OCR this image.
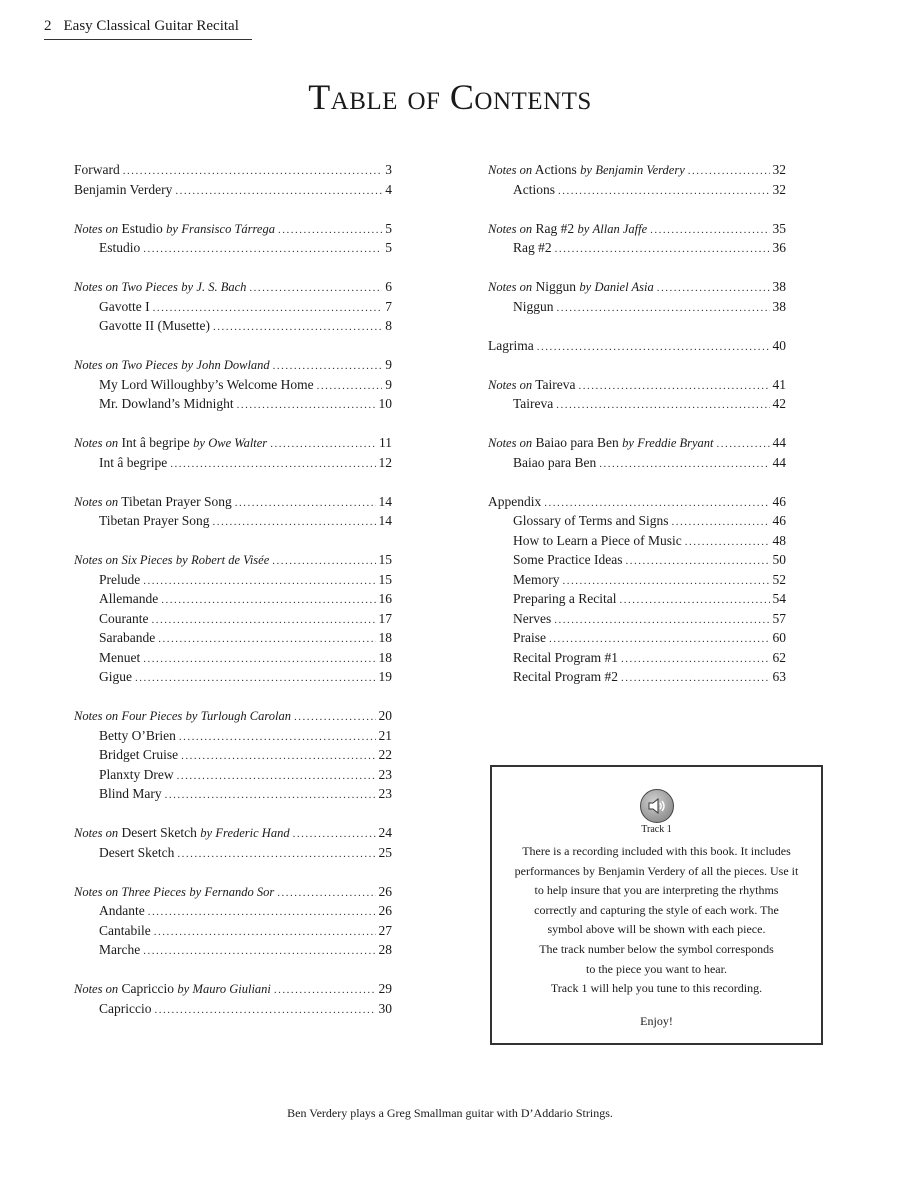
2 Easy Classical Guitar Recital
Table of Contents
Forward .....	3
Benjamin Verdery .....	4
Notes on Estudio by Fransisco Tárrega .....	5
Estudio .....	5
Notes on Two Pieces by J. S. Bach .....	6
Gavotte I .....	7
Gavotte II (Musette) .....	8
Notes on Two Pieces by John Dowland .....	9
My Lord Willoughby’s Welcome Home .....	9
Mr. Dowland’s Midnight .....	10
Notes on Int â begripe by Owe Walter .....	11
Int â begripe .....	12
Notes on Tibetan Prayer Song .....	14
Tibetan Prayer Song .....	14
Notes on Six Pieces by Robert de Visée .....	15
Prelude .....	15
Allemande .....	16
Courante .....	17
Sarabande .....	18
Menuet .....	18
Gigue .....	19
Notes on Four Pieces by Turlough Carolan .....	20
Betty O’Brien .....	21
Bridget Cruise .....	22
Planxty Drew .....	23
Blind Mary .....	23
Notes on Desert Sketch by Frederic Hand .....	24
Desert Sketch .....	25
Notes on Three Pieces by Fernando Sor .....	26
Andante .....	26
Cantabile .....	27
Marche .....	28
Notes on Capriccio by Mauro Giuliani .....	29
Capriccio .....	30
Notes on Actions by Benjamin Verdery .....	32
Actions .....	32
Notes on Rag #2 by Allan Jaffe .....	35
Rag #2 .....	36
Notes on Niggun by Daniel Asia .....	38
Niggun .....	38
Lagrima .....	40
Notes on Taireva .....	41
Taireva .....	42
Notes on Baiao para Ben by Freddie Bryant .....	44
Baiao para Ben .....	44
Appendix .....	46
Glossary of Terms and Signs .....	46
How to Learn a Piece of Music .....	48
Some Practice Ideas .....	50
Memory .....	52
Preparing a Recital .....	54
Nerves .....	57
Praise .....	60
Recital Program #1 .....	62
Recital Program #2 .....	63
Track 1
There is a recording included with this book. It includes
performances by Benjamin Verdery of all the pieces. Use it
to help insure that you are interpreting the rhythms
correctly and capturing the style of each work. The
symbol above will be shown with each piece.
The track number below the symbol corresponds
to the piece you want to hear.
Track 1 will help you tune to this recording.
Enjoy!
Ben Verdery plays a Greg Smallman guitar with D’Addario Strings.
